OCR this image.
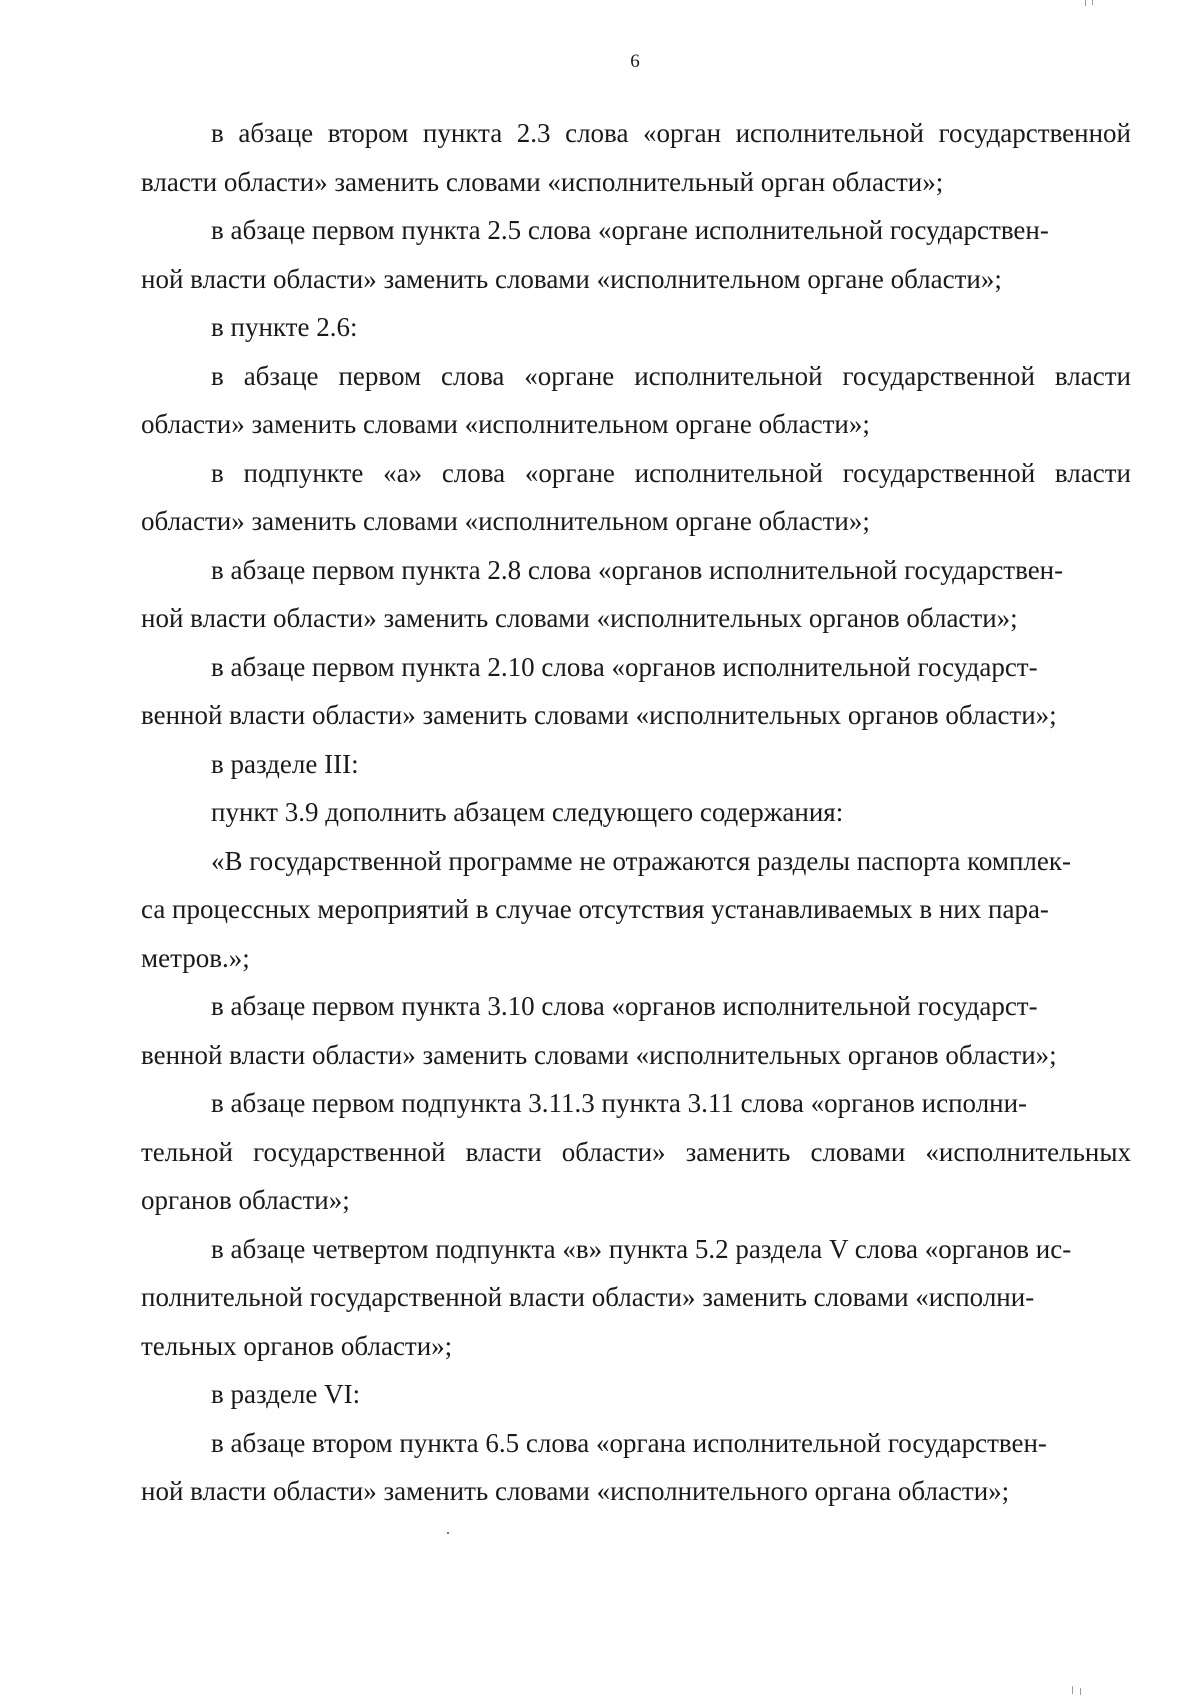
6

в абзаце втором пункта 2.3 слова «орган исполнительной государственной власти области» заменить словами «исполнительный орган области»;

в абзаце первом пункта 2.5 слова «органе исполнительной государствен-
ной власти области» заменить словами «исполнительном органе области»;

в пункте 2.6:

в абзаце первом слова «органе исполнительной государственной власти области» заменить словами «исполнительном органе области»;

в подпункте «а» слова «органе исполнительной государственной власти области» заменить словами «исполнительном органе области»;

в абзаце первом пункта 2.8 слова «органов исполнительной государствен-
ной власти области» заменить словами «исполнительных органов области»;

в абзаце первом пункта 2.10 слова «органов исполнительной государст-
венной власти области» заменить словами «исполнительных органов области»;

в разделе III:

пункт 3.9 дополнить абзацем следующего содержания:

«В государственной программе не отражаются разделы паспорта комплек-
са процессных мероприятий в случае отсутствия устанавливаемых в них пара-
метров.»;

в абзаце первом пункта 3.10 слова «органов исполнительной государст-
венной власти области» заменить словами «исполнительных органов области»;

в абзаце первом подпункта 3.11.3 пункта 3.11 слова «органов исполни-
тельной государственной власти области» заменить словами «исполнительных органов области»;

в абзаце четвертом подпункта «в» пункта 5.2 раздела V слова «органов ис-
полнительной государственной власти области» заменить словами «исполни-
тельных органов области»;

в разделе VI:

в абзаце втором пункта 6.5 слова «органа исполнительной государствен-
ной власти области» заменить словами «исполнительного органа области»;
